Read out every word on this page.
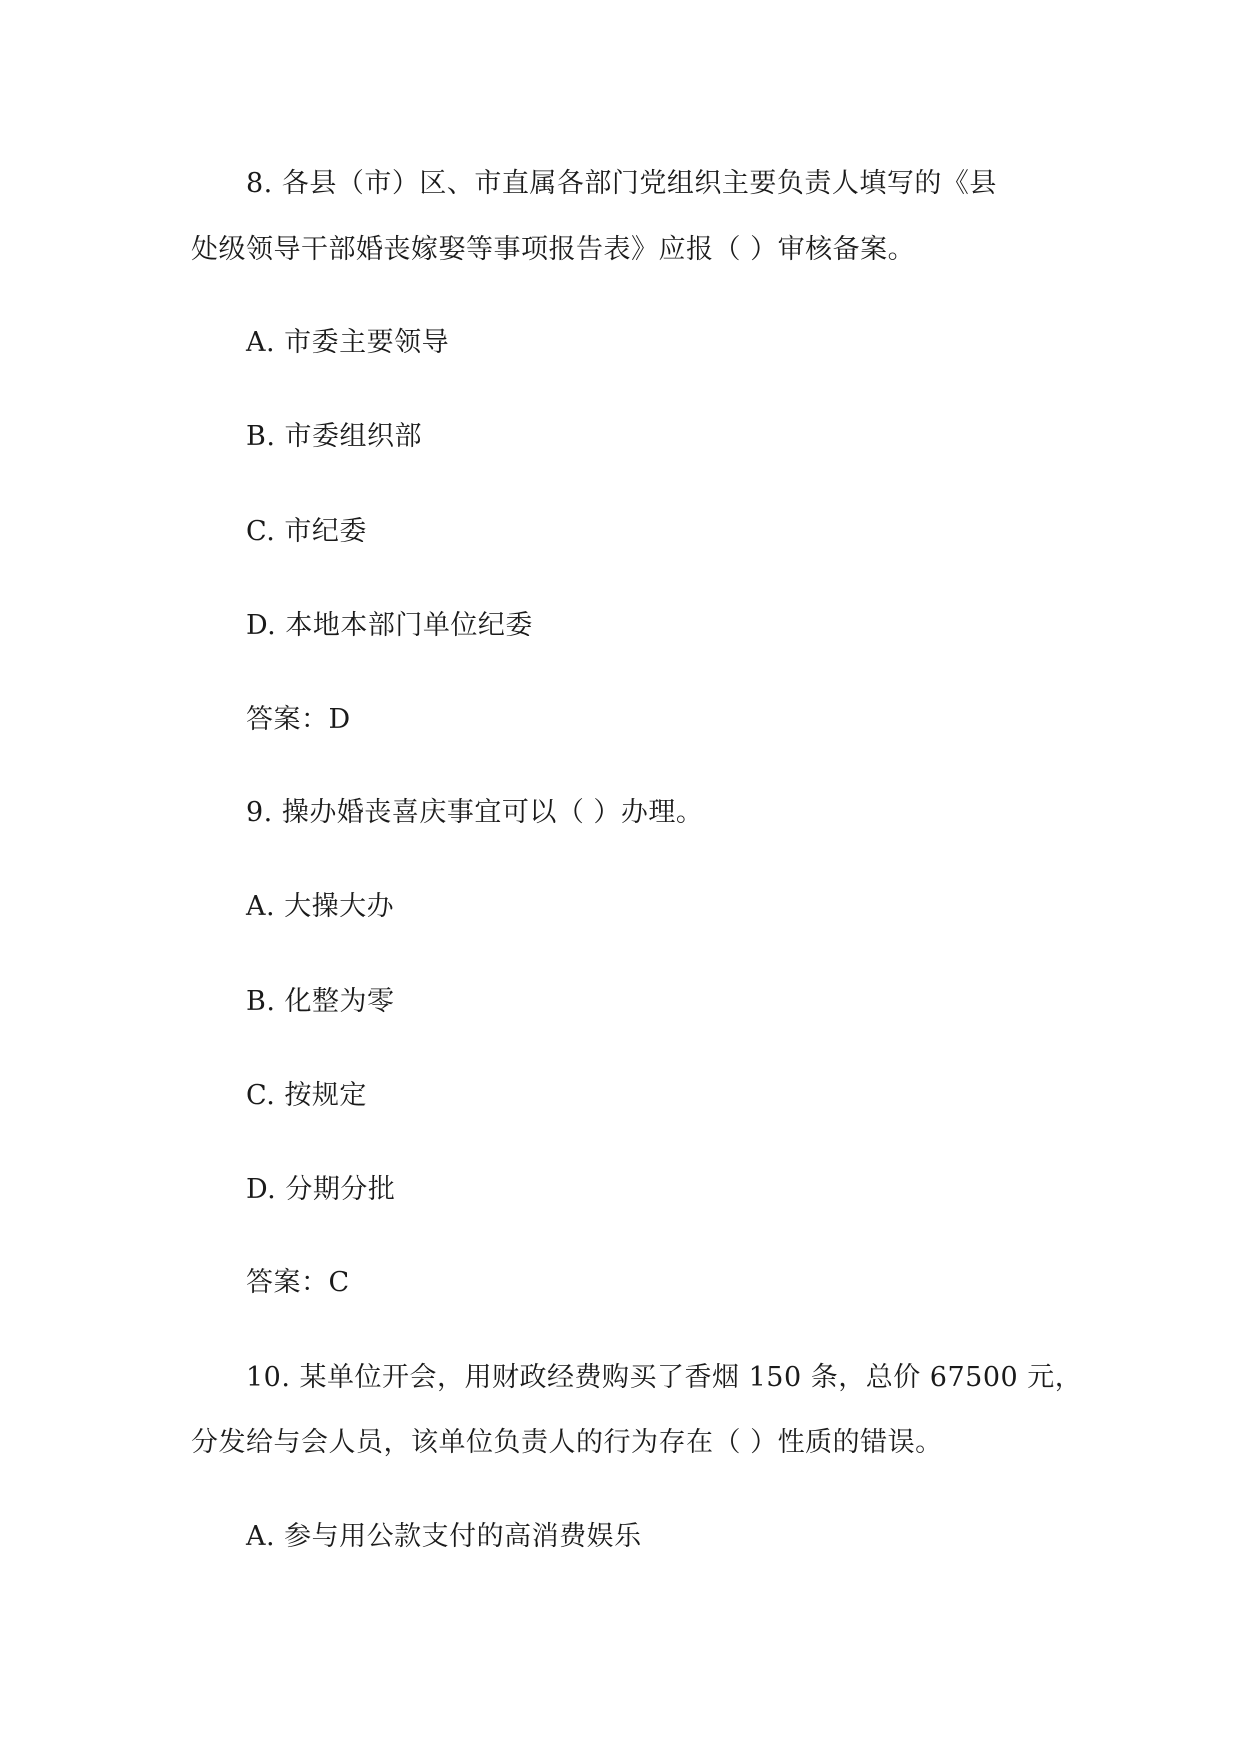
8. 各县（市）区、市直属各部门党组织主要负责人填写的《县
处级领导干部婚丧嫁娶等事项报告表》应报（ ）审核备案。
A. 市委主要领导
B. 市委组织部
C. 市纪委
D. 本地本部门单位纪委
答案：D
9. 操办婚丧喜庆事宜可以（ ）办理。
A. 大操大办
B. 化整为零
C. 按规定
D. 分期分批
答案：C
10. 某单位开会，用财政经费购买了香烟 150 条，总价 67500 元，
分发给与会人员，该单位负责人的行为存在（ ）性质的错误。
A. 参与用公款支付的高消费娱乐
